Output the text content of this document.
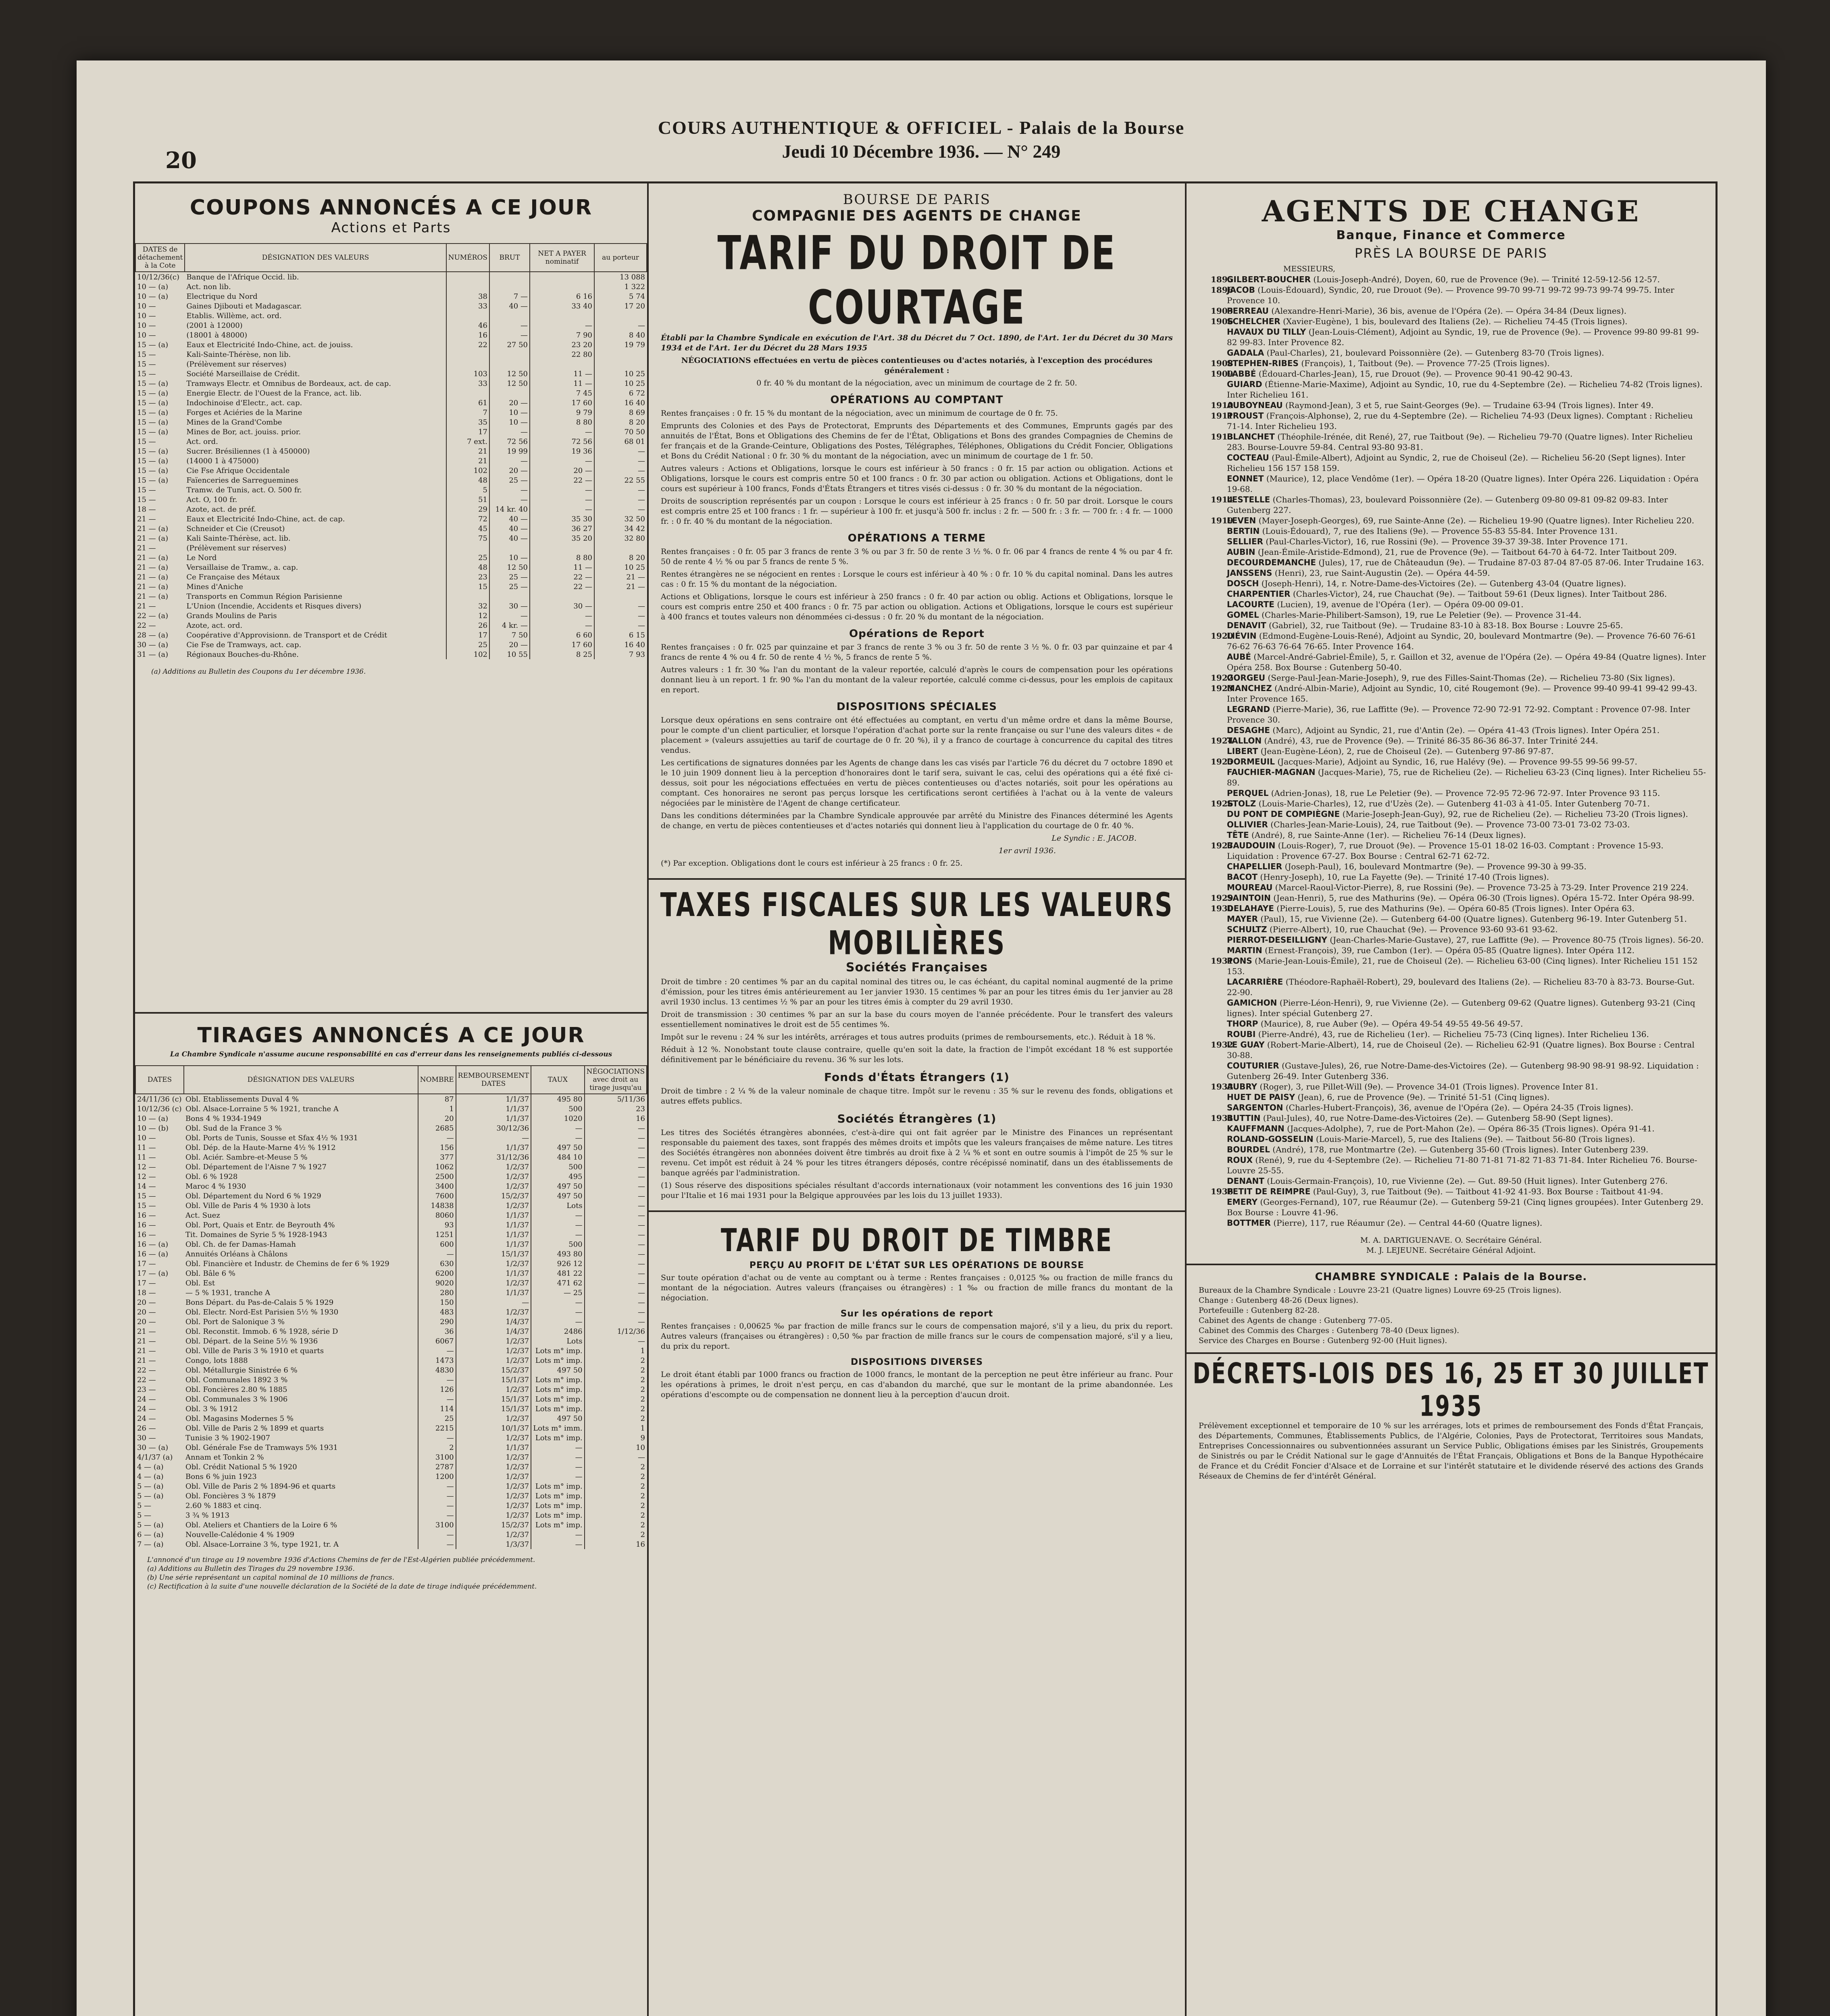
20
COURS AUTHENTIQUE & OFFICIEL - Palais de la Bourse
Jeudi 10 Décembre 1936. — N° 249
COUPONS ANNONCÉS A CE JOUR
Actions et Parts
DATES de détachement à la Cote	DÉSIGNATION DES VALEURS	NUMÉROS	BRUT	NET A PAYER nominatif	au porteur
10/12/36(c)	Banque de l'Afrique Occid. lib.				13 088
10 — (a)	Act. non lib.				1 322
10 — (a)	Electrique du Nord	38	7 —	6 16	5 74
10 —	Gaines Djibouti et Madagascar.	33	40 —	33 40	17 20
10 —	Etablis. Willème, act. ord.				
10 —	(2001 à 12000)	46	—	—	—
10 —	(18001 à 48000)	16	—	7 90	8 40
15 — (a)	Eaux et Electricité Indo-Chine, act. de jouiss.	22	27 50	23 20	19 79
15 —	Kali-Sainte-Thérèse, non lib.			22 80	
15 —	(Prélèvement sur réserves)				
15 —	Société Marseillaise de Crédit.	103	12 50	11 —	10 25
15 — (a)	Tramways Electr. et Omnibus de Bordeaux, act. de cap.	33	12 50	11 —	10 25
15 — (a)	Energie Electr. de l'Ouest de la France, act. lib.			7 45	6 72
15 — (a)	Indochinoise d'Electr., act. cap.	61	20 —	17 60	16 40
15 — (a)	Forges et Aciéries de la Marine	7	10 —	9 79	8 69
15 — (a)	Mines de la Grand'Combe	35	10 —	8 80	8 20
15 — (a)	Mines de Bor, act. jouiss. prior.	17	—	—	70 50
15 —	Act. ord.	7 ext.	72 56	72 56	68 01
15 — (a)	Sucrer. Brésiliennes (1 à 450000)	21	19 99	19 36	—
15 — (a)	(14000 1 à 475000)	21	—	—	—
15 — (a)	Cie Fse Afrique Occidentale	102	20 —	20 —	—
15 — (a)	Faïenceries de Sarreguemines	48	25 —	22 —	22 55
15 —	Tramw. de Tunis, act. O. 500 fr.	5	—	—	—
15 —	Act. O, 100 fr.	51	—	—	—
18 —	Azote, act. de préf.	29	14 kr. 40	—	—
21 —	Eaux et Electricité Indo-Chine, act. de cap.	72	40 —	35 30	32 50
21 — (a)	Schneider et Cie (Creusot)	45	40 —	36 27	34 42
21 — (a)	Kali Sainte-Thérèse, act. lib.	75	40 —	35 20	32 80
21 —	(Prélèvement sur réserves)				
21 — (a)	Le Nord	25	10 —	8 80	8 20
21 — (a)	Versaillaise de Tramw., a. cap.	48	12 50	11 —	10 25
21 — (a)	Ce Française des Métaux	23	25 —	22 —	21 —
21 — (a)	Mines d'Aniche	15	25 —	22 —	21 —
21 — (a)	Transports en Commun Région Parisienne				
21 —	L'Union (Incendie, Accidents et Risques divers)	32	30 —	30 —	—
22 — (a)	Grands Moulins de Paris	12	—	—	—
22 —	Azote, act. ord.	26	4 kr. —	—	—
28 — (a)	Coopérative d'Approvisionn. de Transport et de Crédit	17	7 50	6 60	6 15
30 — (a)	Cie Fse de Tramways, act. cap.	25	20 —	17 60	16 40
31 — (a)	Régionaux Bouches-du-Rhône.	102	10 55	8 25	7 93
(a) Additions au Bulletin des Coupons du 1er décembre 1936.
TIRAGES ANNONCÉS A CE JOUR
La Chambre Syndicale n'assume aucune responsabilité en cas d'erreur dans les renseignements publiés ci-dessous
DATES	DÉSIGNATION DES VALEURS	NOMBRE	REMBOURSEMENT DATES	TAUX	NÉGOCIATIONS avec droit au tirage jusqu'au
24/11/36 (c)	Obl. Etablissements Duval 4 %	87	1/1/37	495 80	5/11/36
10/12/36 (c)	Obl. Alsace-Lorraine 5 % 1921, tranche A	1	1/1/37	500	23
10 — (a)	Bons 4 % 1934-1949	20	1/1/37	1020	16
10 — (b)	Obl. Sud de la France 3 %	2685	30/12/36	—	—
10 —	Obl. Ports de Tunis, Sousse et Sfax 4½ % 1931	—	—	—	—
11 —	Obl. Dép. de la Haute-Marne 4½ % 1912	156	1/1/37	497 50	—
11 —	Obl. Aciér. Sambre-et-Meuse 5 %	377	31/12/36	484 10	—
12 —	Obl. Département de l'Aisne 7 % 1927	1062	1/2/37	500	—
12 —	Obl. 6 % 1928	2500	1/2/37	495	—
14 —	Maroc 4 % 1930	3400	1/2/37	497 50	—
15 —	Obl. Département du Nord 6 % 1929	7600	15/2/37	497 50	—
15 —	Obl. Ville de Paris 4 % 1930 à lots	14838	1/2/37	Lots	—
16 —	Act. Suez	8060	1/1/37	—	—
16 —	Obl. Port, Quais et Entr. de Beyrouth 4%	93	1/1/37	—	—
16 —	Tit. Domaines de Syrie 5 % 1928-1943	1251	1/1/37	—	—
16 — (a)	Obl. Ch. de fer Damas-Hamah	600	1/1/37	500	—
16 — (a)	Annuités Orléans à Châlons	—	15/1/37	493 80	—
17 —	Obl. Financière et Industr. de Chemins de fer 6 % 1929	630	1/2/37	926 12	—
17 — (a)	Obl. Bâle 6 %	6200	1/1/37	481 22	—
17 —	Obl. Est	9020	1/2/37	471 62	—
18 —	— 5 % 1931, tranche A	280	1/1/37	— 25	—
20 —	Bons Départ. du Pas-de-Calais 5 % 1929	150	—	—	—
20 —	Obl. Electr. Nord-Est Parisien 5½ % 1930	483	1/2/37	—	—
20 —	Obl. Port de Salonique 3 %	290	1/4/37	—	—
21 —	Obl. Reconstit. Immob. 6 % 1928, série D	36	1/4/37	2486	1/12/36
21 —	Obl. Départ. de la Seine 5½ % 1936	6067	1/2/37	Lots	—
21 —	Obl. Ville de Paris 3 % 1910 et quarts	—	1/2/37	Lots m° imp.	1
21 —	Congo, lots 1888	1473	1/2/37	Lots m° imp.	2
22 —	Obl. Métallurgie Sinistrée 6 %	4830	15/2/37	497 50	2
22 —	Obl. Communales 1892 3 %	—	15/1/37	Lots m° imp.	2
23 —	Obl. Foncières 2.80 % 1885	126	1/2/37	Lots m° imp.	2
24 —	Obl. Communales 3 % 1906	—	15/1/37	Lots m° imp.	2
24 —	Obl. 3 % 1912	114	15/1/37	Lots m° imp.	2
24 —	Obl. Magasins Modernes 5 %	25	1/2/37	497 50	2
26 —	Obl. Ville de Paris 2 % 1899 et quarts	2215	10/1/37	Lots m° imm.	1
30 —	Tunisie 3 % 1902-1907	—	1/2/37	Lots m° imp.	9
30 — (a)	Obl. Générale Fse de Tramways 5% 1931	2	1/1/37	—	10
4/1/37 (a)	Annam et Tonkin 2 %	3100	1/2/37	—	—
4 — (a)	Obl. Crédit National 5 % 1920	2787	1/2/37	—	2
4 — (a)	Bons 6 % juin 1923	1200	1/2/37	—	2
5 — (a)	Obl. Ville de Paris 2 % 1894-96 et quarts	—	1/2/37	Lots m° imp.	2
5 — (a)	Obl. Foncières 3 % 1879	—	1/2/37	Lots m° imp.	2
5 —	2.60 % 1883 et cinq.	—	1/2/37	Lots m° imp.	2
5 —	3 ¾ % 1913	—	1/2/37	Lots m° imp.	2
5 — (a)	Obl. Ateliers et Chantiers de la Loire 6 %	3100	15/2/37	Lots m° imp.	2
6 — (a)	Nouvelle-Calédonie 4 % 1909	—	1/2/37	—	2
7 — (a)	Obl. Alsace-Lorraine 3 %, type 1921, tr. A	—	1/3/37	—	16
L'annoncé d'un tirage au 19 novembre 1936 d'Actions Chemins de fer de l'Est-Algérien publiée précédemment.
(a) Additions au Bulletin des Tirages du 29 novembre 1936.
(b) Une série représentant un capital nominal de 10 millions de francs.
(c) Rectification à la suite d'une nouvelle déclaration de la Société de la date de tirage indiquée précédemment.
BOURSE DE PARIS
COMPAGNIE DES AGENTS DE CHANGE
TARIF DU DROIT DE COURTAGE
Établi par la Chambre Syndicale en exécution de l'Art. 38 du Décret du 7 Oct. 1890, de l'Art. 1er du Décret du 30 Mars 1934 et de l'Art. 1er du Décret du 28 Mars 1935
NÉGOCIATIONS effectuées en vertu de pièces contentieuses ou d'actes notariés, à l'exception des procédures généralement :
0 fr. 40 % du montant de la négociation, avec un minimum de courtage de 2 fr. 50.
OPÉRATIONS AU COMPTANT
Rentes françaises : 0 fr. 15 % du montant de la négociation, avec un minimum de courtage de 0 fr. 75.
Emprunts des Colonies et des Pays de Protectorat, Emprunts des Départements et des Communes, Emprunts gagés par des annuités de l'État, Bons et Obligations des Chemins de fer de l'État, Obligations et Bons des grandes Compagnies de Chemins de fer français et de la Grande-Ceinture, Obligations des Postes, Télégraphes, Téléphones, Obligations du Crédit Foncier, Obligations et Bons du Crédit National : 0 fr. 30 % du montant de la négociation, avec un minimum de courtage de 1 fr. 50.
Autres valeurs : Actions et Obligations, lorsque le cours est inférieur à 50 francs : 0 fr. 15 par action ou obligation. Actions et Obligations, lorsque le cours est compris entre 50 et 100 francs : 0 fr. 30 par action ou obligation. Actions et Obligations, dont le cours est supérieur à 100 francs, Fonds d'États Étrangers et titres visés ci-dessus : 0 fr. 30 % du montant de la négociation.
Droits de souscription représentés par un coupon : Lorsque le cours est inférieur à 25 francs : 0 fr. 50 par droit. Lorsque le cours est compris entre 25 et 100 francs : 1 fr. — supérieur à 100 fr. et jusqu'à 500 fr. inclus : 2 fr. — 500 fr. : 3 fr. — 700 fr. : 4 fr. — 1000 fr. : 0 fr. 40 % du montant de la négociation.
OPÉRATIONS A TERME
Rentes françaises : 0 fr. 05 par 3 francs de rente 3 % ou par 3 fr. 50 de rente 3 ½ %. 0 fr. 06 par 4 francs de rente 4 % ou par 4 fr. 50 de rente 4 ½ % ou par 5 francs de rente 5 %.
Rentes étrangères ne se négocient en rentes : Lorsque le cours est inférieur à 40 % : 0 fr. 10 % du capital nominal. Dans les autres cas : 0 fr. 15 % du montant de la négociation.
Actions et Obligations, lorsque le cours est inférieur à 250 francs : 0 fr. 40 par action ou oblig. Actions et Obligations, lorsque le cours est compris entre 250 et 400 francs : 0 fr. 75 par action ou obligation. Actions et Obligations, lorsque le cours est supérieur à 400 francs et toutes valeurs non dénommées ci-dessus : 0 fr. 20 % du montant de la négociation.
Opérations de Report
Rentes françaises : 0 fr. 025 par quinzaine et par 3 francs de rente 3 % ou 3 fr. 50 de rente 3 ½ %. 0 fr. 03 par quinzaine et par 4 francs de rente 4 % ou 4 fr. 50 de rente 4 ½ %, 5 francs de rente 5 %.
Autres valeurs : 1 fr. 30 ‰ l'an du montant de la valeur reportée, calculé d'après le cours de compensation pour les opérations donnant lieu à un report. 1 fr. 90 ‰ l'an du montant de la valeur reportée, calculé comme ci-dessus, pour les emplois de capitaux en report.
DISPOSITIONS SPÉCIALES
Lorsque deux opérations en sens contraire ont été effectuées au comptant, en vertu d'un même ordre et dans la même Bourse, pour le compte d'un client particulier, et lorsque l'opération d'achat porte sur la rente française ou sur l'une des valeurs dites « de placement » (valeurs assujetties au tarif de courtage de 0 fr. 20 %), il y a franco de courtage à concurrence du capital des titres vendus.
Les certifications de signatures données par les Agents de change dans les cas visés par l'article 76 du décret du 7 octobre 1890 et le 10 juin 1909 donnent lieu à la perception d'honoraires dont le tarif sera, suivant le cas, celui des opérations qui a été fixé ci-dessus, soit pour les négociations effectuées en vertu de pièces contentieuses ou d'actes notariés, soit pour les opérations au comptant. Ces honoraires ne seront pas perçus lorsque les certifications seront certifiées à l'achat ou à la vente de valeurs négociées par le ministère de l'Agent de change certificateur.
Dans les conditions déterminées par la Chambre Syndicale approuvée par arrêté du Ministre des Finances déterminé les Agents de change, en vertu de pièces contentieuses et d'actes notariés qui donnent lieu à l'application du courtage de 0 fr. 40 %.
Le Syndic : E. JACOB.
1er avril 1936.
(*) Par exception. Obligations dont le cours est inférieur à 25 francs : 0 fr. 25.
TAXES FISCALES SUR LES VALEURS MOBILIÈRES
Sociétés Françaises
Droit de timbre : 20 centimes % par an du capital nominal des titres ou, le cas échéant, du capital nominal augmenté de la prime d'émission, pour les titres émis antérieurement au 1er janvier 1930. 15 centimes % par an pour les titres émis du 1er janvier au 28 avril 1930 inclus. 13 centimes ½ % par an pour les titres émis à compter du 29 avril 1930.
Droit de transmission : 30 centimes % par an sur la base du cours moyen de l'année précédente. Pour le transfert des valeurs essentiellement nominatives le droit est de 55 centimes %.
Impôt sur le revenu : 24 % sur les intérêts, arrérages et tous autres produits (primes de remboursements, etc.). Réduit à 18 %.
Réduit à 12 %. Nonobstant toute clause contraire, quelle qu'en soit la date, la fraction de l'impôt excédant 18 % est supportée définitivement par le bénéficiaire du revenu. 36 % sur les lots.
Fonds d'États Étrangers (1)
Droit de timbre : 2 ¼ % de la valeur nominale de chaque titre. Impôt sur le revenu : 35 % sur le revenu des fonds, obligations et autres effets publics.
Sociétés Étrangères (1)
Les titres des Sociétés étrangères abonnées, c'est-à-dire qui ont fait agréer par le Ministre des Finances un représentant responsable du paiement des taxes, sont frappés des mêmes droits et impôts que les valeurs françaises de même nature. Les titres des Sociétés étrangères non abonnées doivent être timbrés au droit fixe à 2 ¼ % et sont en outre soumis à l'impôt de 25 % sur le revenu. Cet impôt est réduit à 24 % pour les titres étrangers déposés, contre récépissé nominatif, dans un des établissements de banque agréés par l'administration.
(1) Sous réserve des dispositions spéciales résultant d'accords internationaux (voir notamment les conventions des 16 juin 1930 pour l'Italie et 16 mai 1931 pour la Belgique approuvées par les lois du 13 juillet 1933).
TARIF DU DROIT DE TIMBRE
PERÇU AU PROFIT DE L'ÉTAT SUR LES OPÉRATIONS DE BOURSE
Sur toute opération d'achat ou de vente au comptant ou à terme : Rentes françaises : 0,0125 ‰ ou fraction de mille francs du montant de la négociation. Autres valeurs (françaises ou étrangères) : 1 ‰ ou fraction de mille francs du montant de la négociation.
Sur les opérations de report
Rentes françaises : 0,00625 ‰ par fraction de mille francs sur le cours de compensation majoré, s'il y a lieu, du prix du report. Autres valeurs (françaises ou étrangères) : 0,50 ‰ par fraction de mille francs sur le cours de compensation majoré, s'il y a lieu, du prix du report.
DISPOSITIONS DIVERSES
Le droit étant établi par 1000 francs ou fraction de 1000 francs, le montant de la perception ne peut être inférieur au franc. Pour les opérations à primes, le droit n'est perçu, en cas d'abandon du marché, que sur le montant de la prime abandonnée. Les opérations d'escompte ou de compensation ne donnent lieu à la perception d'aucun droit.
AGENTS DE CHANGE
Banque, Finance et Commerce
PRÈS LA BOURSE DE PARIS
MESSIEURS,
1895GILBERT-BOUCHER (Louis-Joseph-André), Doyen, 60, rue de Provence (9e). — Trinité 12-59-12-56 12-57.
1896JACOB (Louis-Édouard), Syndic, 20, rue Drouot (9e). — Provence 99-70 99-71 99-72 99-73 99-74 99-75. Inter Provence 10.
1905PERREAU (Alexandre-Henri-Marie), 36 bis, avenue de l'Opéra (2e). — Opéra 34-84 (Deux lignes).
1906SCHELCHER (Xavier-Eugène), 1 bis, boulevard des Italiens (2e). — Richelieu 74-45 (Trois lignes).
HAVAUX DU TILLY (Jean-Louis-Clément), Adjoint au Syndic, 19, rue de Provence (9e). — Provence 99-80 99-81 99-82 99-83. Inter Provence 82.
GADALA (Paul-Charles), 21, boulevard Poissonnière (2e). — Gutenberg 83-70 (Trois lignes).
1908STEPHEN-RIBES (François), 1, Taitbout (9e). — Provence 77-25 (Trois lignes).
1909LABBÉ (Édouard-Charles-Jean), 15, rue Drouot (9e). — Provence 90-41 90-42 90-43.
GUIARD (Étienne-Marie-Maxime), Adjoint au Syndic, 10, rue du 4-Septembre (2e). — Richelieu 74-82 (Trois lignes). Inter Richelieu 161.
1910AUBOYNEAU (Raymond-Jean), 3 et 5, rue Saint-Georges (9e). — Trudaine 63-94 (Trois lignes). Inter 49.
1911PROUST (François-Alphonse), 2, rue du 4-Septembre (2e). — Richelieu 74-93 (Deux lignes). Comptant : Richelieu 71-14. Inter Richelieu 193.
1913BLANCHET (Théophile-Irénée, dit René), 27, rue Taitbout (9e). — Richelieu 79-70 (Quatre lignes). Inter Richelieu 283. Bourse-Louvre 59-84. Central 93-80 93-81.
COCTEAU (Paul-Émile-Albert), Adjoint au Syndic, 2, rue de Choiseul (2e). — Richelieu 56-20 (Sept lignes). Inter Richelieu 156 157 158 159.
EONNET (Maurice), 12, place Vendôme (1er). — Opéra 18-20 (Quatre lignes). Inter Opéra 226. Liquidation : Opéra 19-68.
1914LESTELLE (Charles-Thomas), 23, boulevard Poissonnière (2e). — Gutenberg 09-80 09-81 09-82 09-83. Inter Gutenberg 227.
1919LEVEN (Mayer-Joseph-Georges), 69, rue Sainte-Anne (2e). — Richelieu 19-90 (Quatre lignes). Inter Richelieu 220.
BERTIN (Louis-Édouard), 7, rue des Italiens (9e). — Provence 55-83 55-84. Inter Provence 131.
SELLIER (Paul-Charles-Victor), 16, rue Rossini (9e). — Provence 39-37 39-38. Inter Provence 171.
AUBIN (Jean-Émile-Aristide-Edmond), 21, rue de Provence (9e). — Taitbout 64-70 à 64-72. Inter Taitbout 209.
DECOURDEMANCHE (Jules), 17, rue de Châteaudun (9e). — Trudaine 87-03 87-04 87-05 87-06. Inter Trudaine 163.
JANSSENS (Henri), 23, rue Saint-Augustin (2e). — Opéra 44-59.
DOSCH (Joseph-Henri), 14, r. Notre-Dame-des-Victoires (2e). — Gutenberg 43-04 (Quatre lignes).
CHARPENTIER (Charles-Victor), 24, rue Chauchat (9e). — Taitbout 59-61 (Deux lignes). Inter Taitbout 286.
LACOURTE (Lucien), 19, avenue de l'Opéra (1er). — Opéra 09-00 09-01.
GOMEL (Charles-Marie-Philibert-Samson), 19, rue Le Peletier (9e). — Provence 31-44.
DENAVIT (Gabriel), 32, rue Taitbout (9e). — Trudaine 83-10 à 83-18. Box Bourse : Louvre 25-65.
1920LIÉVIN (Edmond-Eugène-Louis-René), Adjoint au Syndic, 20, boulevard Montmartre (9e). — Provence 76-60 76-61 76-62 76-63 76-64 76-65. Inter Provence 164.
AUBÉ (Marcel-André-Gabriel-Émile), 5, r. Gaillon et 32, avenue de l'Opéra (2e). — Opéra 49-84 (Quatre lignes). Inter Opéra 258. Box Bourse : Gutenberg 50-40.
1922GORGEU (Serge-Paul-Jean-Marie-Joseph), 9, rue des Filles-Saint-Thomas (2e). — Richelieu 73-80 (Six lignes).
1923MANCHEZ (André-Albin-Marie), Adjoint au Syndic, 10, cité Rougemont (9e). — Provence 99-40 99-41 99-42 99-43. Inter Provence 165.
LEGRAND (Pierre-Marie), 36, rue Laffitte (9e). — Provence 72-90 72-91 72-92. Comptant : Provence 07-98. Inter Provence 30.
DESAGHE (Marc), Adjoint au Syndic, 21, rue d'Antin (2e). — Opéra 41-43 (Trois lignes). Inter Opéra 251.
1924TALLON (André), 43, rue de Provence (9e). — Trinité 86-35 86-36 86-37. Inter Trinité 244.
LIBERT (Jean-Eugène-Léon), 2, rue de Choiseul (2e). — Gutenberg 97-86 97-87.
1925DORMEUIL (Jacques-Marie), Adjoint au Syndic, 16, rue Halévy (9e). — Provence 99-55 99-56 99-57.
FAUCHIER-MAGNAN (Jacques-Marie), 75, rue de Richelieu (2e). — Richelieu 63-23 (Cinq lignes). Inter Richelieu 55-89.
PERQUEL (Adrien-Jonas), 18, rue Le Peletier (9e). — Provence 72-95 72-96 72-97. Inter Provence 93 115.
1926STOLZ (Louis-Marie-Charles), 12, rue d'Uzès (2e). — Gutenberg 41-03 à 41-05. Inter Gutenberg 70-71.
DU PONT DE COMPIÈGNE (Marie-Joseph-Jean-Guy), 92, rue de Richelieu (2e). — Richelieu 73-20 (Trois lignes).
OLLIVIER (Charles-Jean-Marie-Louis), 24, rue Taitbout (9e). — Provence 73-00 73-01 73-02 73-03.
TÊTE (André), 8, rue Sainte-Anne (1er). — Richelieu 76-14 (Deux lignes).
1927BAUDOUIN (Louis-Roger), 7, rue Drouot (9e). — Provence 15-01 18-02 16-03. Comptant : Provence 15-93. Liquidation : Provence 67-27. Box Bourse : Central 62-71 62-72.
CHAPELLIER (Joseph-Paul), 16, boulevard Montmartre (9e). — Provence 99-30 à 99-35.
BACOT (Henry-Joseph), 10, rue La Fayette (9e). — Trinité 17-40 (Trois lignes).
MOUREAU (Marcel-Raoul-Victor-Pierre), 8, rue Rossini (9e). — Provence 73-25 à 73-29. Inter Provence 219 224.
1929SAINTOIN (Jean-Henri), 5, rue des Mathurins (9e). — Opéra 06-30 (Trois lignes). Opéra 15-72. Inter Opéra 98-99.
1930DELAHAYE (Pierre-Louis), 5, rue des Mathurins (9e). — Opéra 60-85 (Trois lignes). Inter Opéra 63.
MAYER (Paul), 15, rue Vivienne (2e). — Gutenberg 64-00 (Quatre lignes). Gutenberg 96-19. Inter Gutenberg 51.
SCHULTZ (Pierre-Albert), 10, rue Chauchat (9e). — Provence 93-60 93-61 93-62.
PIERROT-DESEILLIGNY (Jean-Charles-Marie-Gustave), 27, rue Laffitte (9e). — Provence 80-75 (Trois lignes). 56-20.
MARTIN (Ernest-François), 39, rue Cambon (1er). — Opéra 05-85 (Quatre lignes). Inter Opéra 112.
1931PONS (Marie-Jean-Louis-Émile), 21, rue de Choiseul (2e). — Richelieu 63-00 (Cinq lignes). Inter Richelieu 151 152 153.
LACARRIÈRE (Théodore-Raphaël-Robert), 29, boulevard des Italiens (2e). — Richelieu 83-70 à 83-73. Bourse-Gut. 22-90.
GAMICHON (Pierre-Léon-Henri), 9, rue Vivienne (2e). — Gutenberg 09-62 (Quatre lignes). Gutenberg 93-21 (Cinq lignes). Inter spécial Gutenberg 27.
THORP (Maurice), 8, rue Auber (9e). — Opéra 49-54 49-55 49-56 49-57.
ROUBI (Pierre-André), 43, rue de Richelieu (1er). — Richelieu 75-73 (Cinq lignes). Inter Richelieu 136.
1932LE GUAY (Robert-Marie-Albert), 14, rue de Choiseul (2e). — Richelieu 62-91 (Quatre lignes). Box Bourse : Central 30-88.
COUTURIER (Gustave-Jules), 26, rue Notre-Dame-des-Victoires (2e). — Gutenberg 98-90 98-91 98-92. Liquidation : Gutenberg 26-49. Inter Gutenberg 336.
1933AUBRY (Roger), 3, rue Pillet-Will (9e). — Provence 34-01 (Trois lignes). Provence Inter 81.
HUET DE PAISY (Jean), 6, rue de Provence (9e). — Trinité 51-51 (Cinq lignes).
SARGENTON (Charles-Hubert-François), 36, avenue de l'Opéra (2e). — Opéra 24-35 (Trois lignes).
1934BUTTIN (Paul-Jules), 40, rue Notre-Dame-des-Victoires (2e). — Gutenberg 58-90 (Sept lignes).
KAUFFMANN (Jacques-Adolphe), 7, rue de Port-Mahon (2e). — Opéra 86-35 (Trois lignes). Opéra 91-41.
ROLAND-GOSSELIN (Louis-Marie-Marcel), 5, rue des Italiens (9e). — Taitbout 56-80 (Trois lignes).
BOURDEL (André), 178, rue Montmartre (2e). — Gutenberg 35-60 (Trois lignes). Inter Gutenberg 239.
ROUX (René), 9, rue du 4-Septembre (2e). — Richelieu 71-80 71-81 71-82 71-83 71-84. Inter Richelieu 76. Bourse-Louvre 25-55.
DENANT (Louis-Germain-François), 10, rue Vivienne (2e). — Gut. 89-50 (Huit lignes). Inter Gutenberg 276.
1936PETIT DE REIMPRE (Paul-Guy), 3, rue Taitbout (9e). — Taitbout 41-92 41-93. Box Bourse : Taitbout 41-94.
EMERY (Georges-Fernand), 107, rue Réaumur (2e). — Gutenberg 59-21 (Cinq lignes groupées). Inter Gutenberg 29. Box Bourse : Louvre 41-96.
BOTTMER (Pierre), 117, rue Réaumur (2e). — Central 44-60 (Quatre lignes).
M. A. DARTIGUENAVE. O. Secrétaire Général.
M. J. LEJEUNE. Secrétaire Général Adjoint.
CHAMBRE SYNDICALE : Palais de la Bourse.
Bureaux de la Chambre Syndicale : Louvre 23-21 (Quatre lignes) Louvre 69-25 (Trois lignes).
Change : Gutenberg 48-26 (Deux lignes).
Portefeuille : Gutenberg 82-28.
Cabinet des Agents de change : Gutenberg 77-05.
Cabinet des Commis des Charges : Gutenberg 78-40 (Deux lignes).
Service des Charges en Bourse : Gutenberg 92-00 (Huit lignes).
DÉCRETS-LOIS DES 16, 25 ET 30 JUILLET 1935
Prélèvement exceptionnel et temporaire de 10 % sur les arrérages, lots et primes de remboursement des Fonds d'État Français, des Départements, Communes, Établissements Publics, de l'Algérie, Colonies, Pays de Protectorat, Territoires sous Mandats, Entreprises Concessionnaires ou subventionnées assurant un Service Public, Obligations émises par les Sinistrés, Groupements de Sinistrés ou par le Crédit National sur le gage d'Annuités de l'État Français, Obligations et Bons de la Banque Hypothécaire de France et du Crédit Foncier d'Alsace et de Lorraine et sur l'intérêt statutaire et le dividende réservé des actions des Grands Réseaux de Chemins de fer d'intérêt Général.
